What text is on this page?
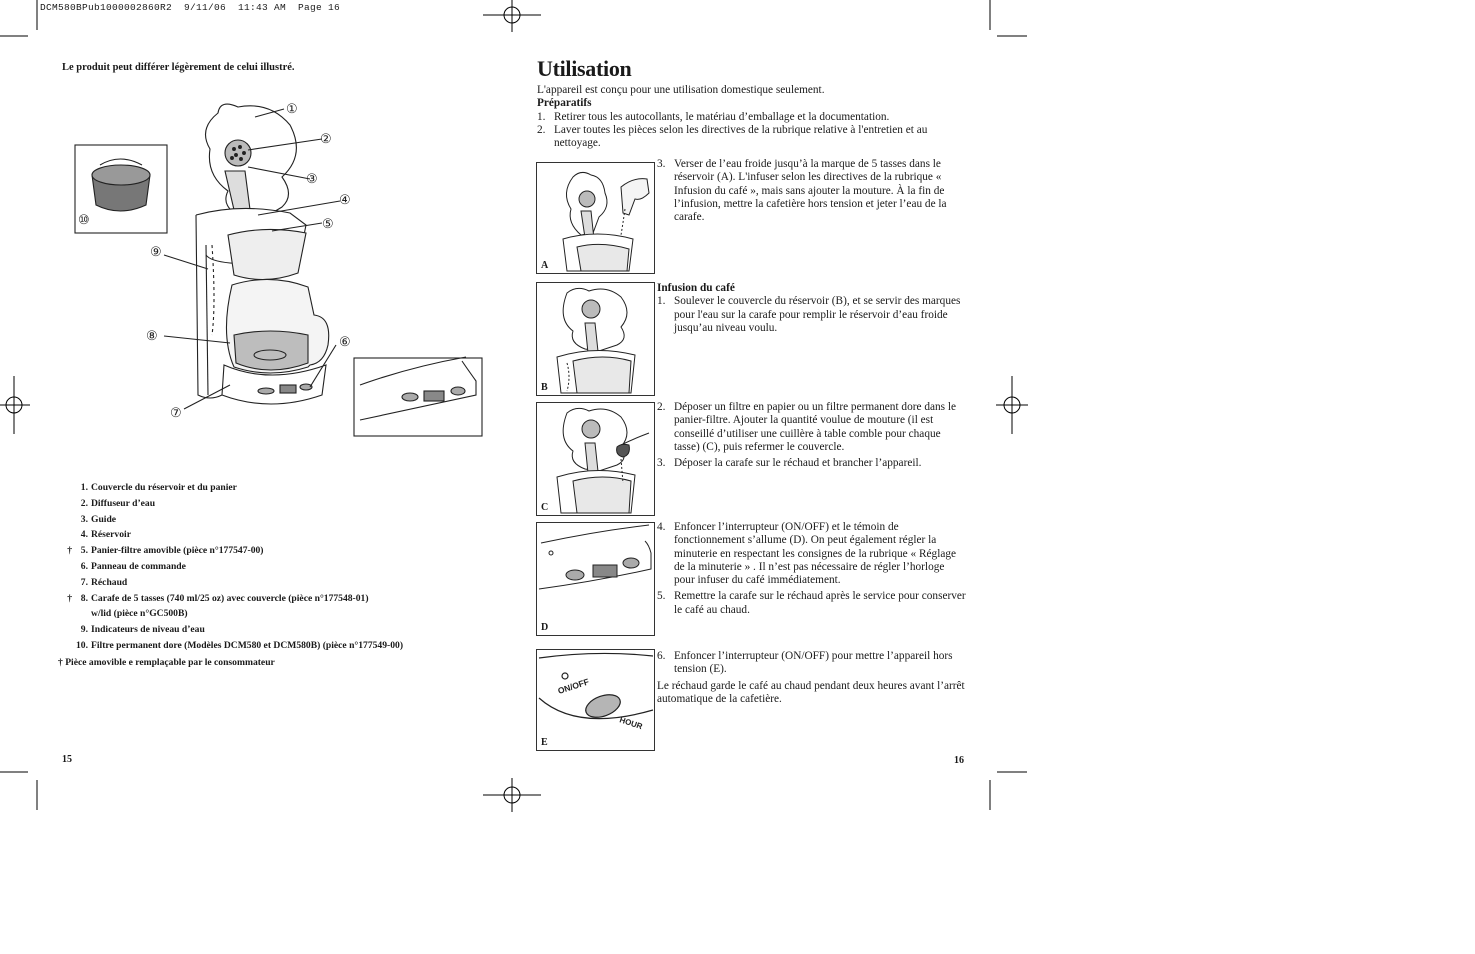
DCM580BPub1000002860R2  9/11/06  11:43 AM  Page 16
Le produit peut différer légèrement de celui illustré.
①
②
③
④
⑤
⑥
⑦
⑧
⑨
⑩
1. Couvercle du réservoir et du panier
2. Diffuseur d’eau
3. Guide
4. Réservoir
† 5. Panier-filtre amovible (pièce n°177547-00)
6. Panneau de commande
7. Réchaud
† 8. Carafe de 5 tasses (740 ml/25 oz) avec couvercle (pièce n°177548-01)
w/lid (pièce n°GC500B)
9. Indicateurs de niveau d’eau
10. Filtre permanent dore (Modèles DCM580 et DCM580B) (pièce n°177549-00)
† Pièce amovible e remplaçable par le consommateur
15
Utilisation
L'appareil est conçu pour une utilisation domestique seulement.
Préparatifs
1. Retirer tous les autocollants, le matériau d’emballage et la documentation.
2. Laver toutes les pièces selon les directives de la rubrique relative à l'entretien et au nettoyage.
A
3. Verser de l’eau froide jusqu’à la marque de 5 tasses dans le réservoir (A). L'infuser selon les directives de la rubrique « Infusion du café », mais sans ajouter la mouture. À la fin de l’infusion, mettre la cafetière hors tension et jeter l’eau de la carafe.
B
Infusion du café
1. Soulever le couvercle du réservoir (B), et se servir des marques pour l'eau sur la carafe pour remplir le réservoir d’eau froide jusqu’au niveau voulu.
C
2. Déposer un filtre en papier ou un filtre permanent dore dans le panier-filtre. Ajouter la quantité voulue de mouture (il est conseillé d’utiliser une cuillère à table comble pour chaque tasse) (C), puis refermer le couvercle.
3. Déposer la carafe sur le réchaud et brancher l’appareil.
D
4. Enfoncer l’interrupteur (ON/OFF) et le témoin de fonctionnement s’allume (D). On peut également régler la minuterie en respectant les consignes de la rubrique « Réglage de la minuterie » . Il n’est pas nécessaire de régler l’horloge pour infuser du café immédiatement.
5. Remettre la carafe sur le réchaud après le service pour conserver le café au chaud.
ON/OFF
HOUR
E
6. Enfoncer l’interrupteur (ON/OFF) pour mettre l’appareil hors tension (E).
Le réchaud garde le café au chaud pendant deux heures avant l’arrêt automatique de la cafetière.
16
